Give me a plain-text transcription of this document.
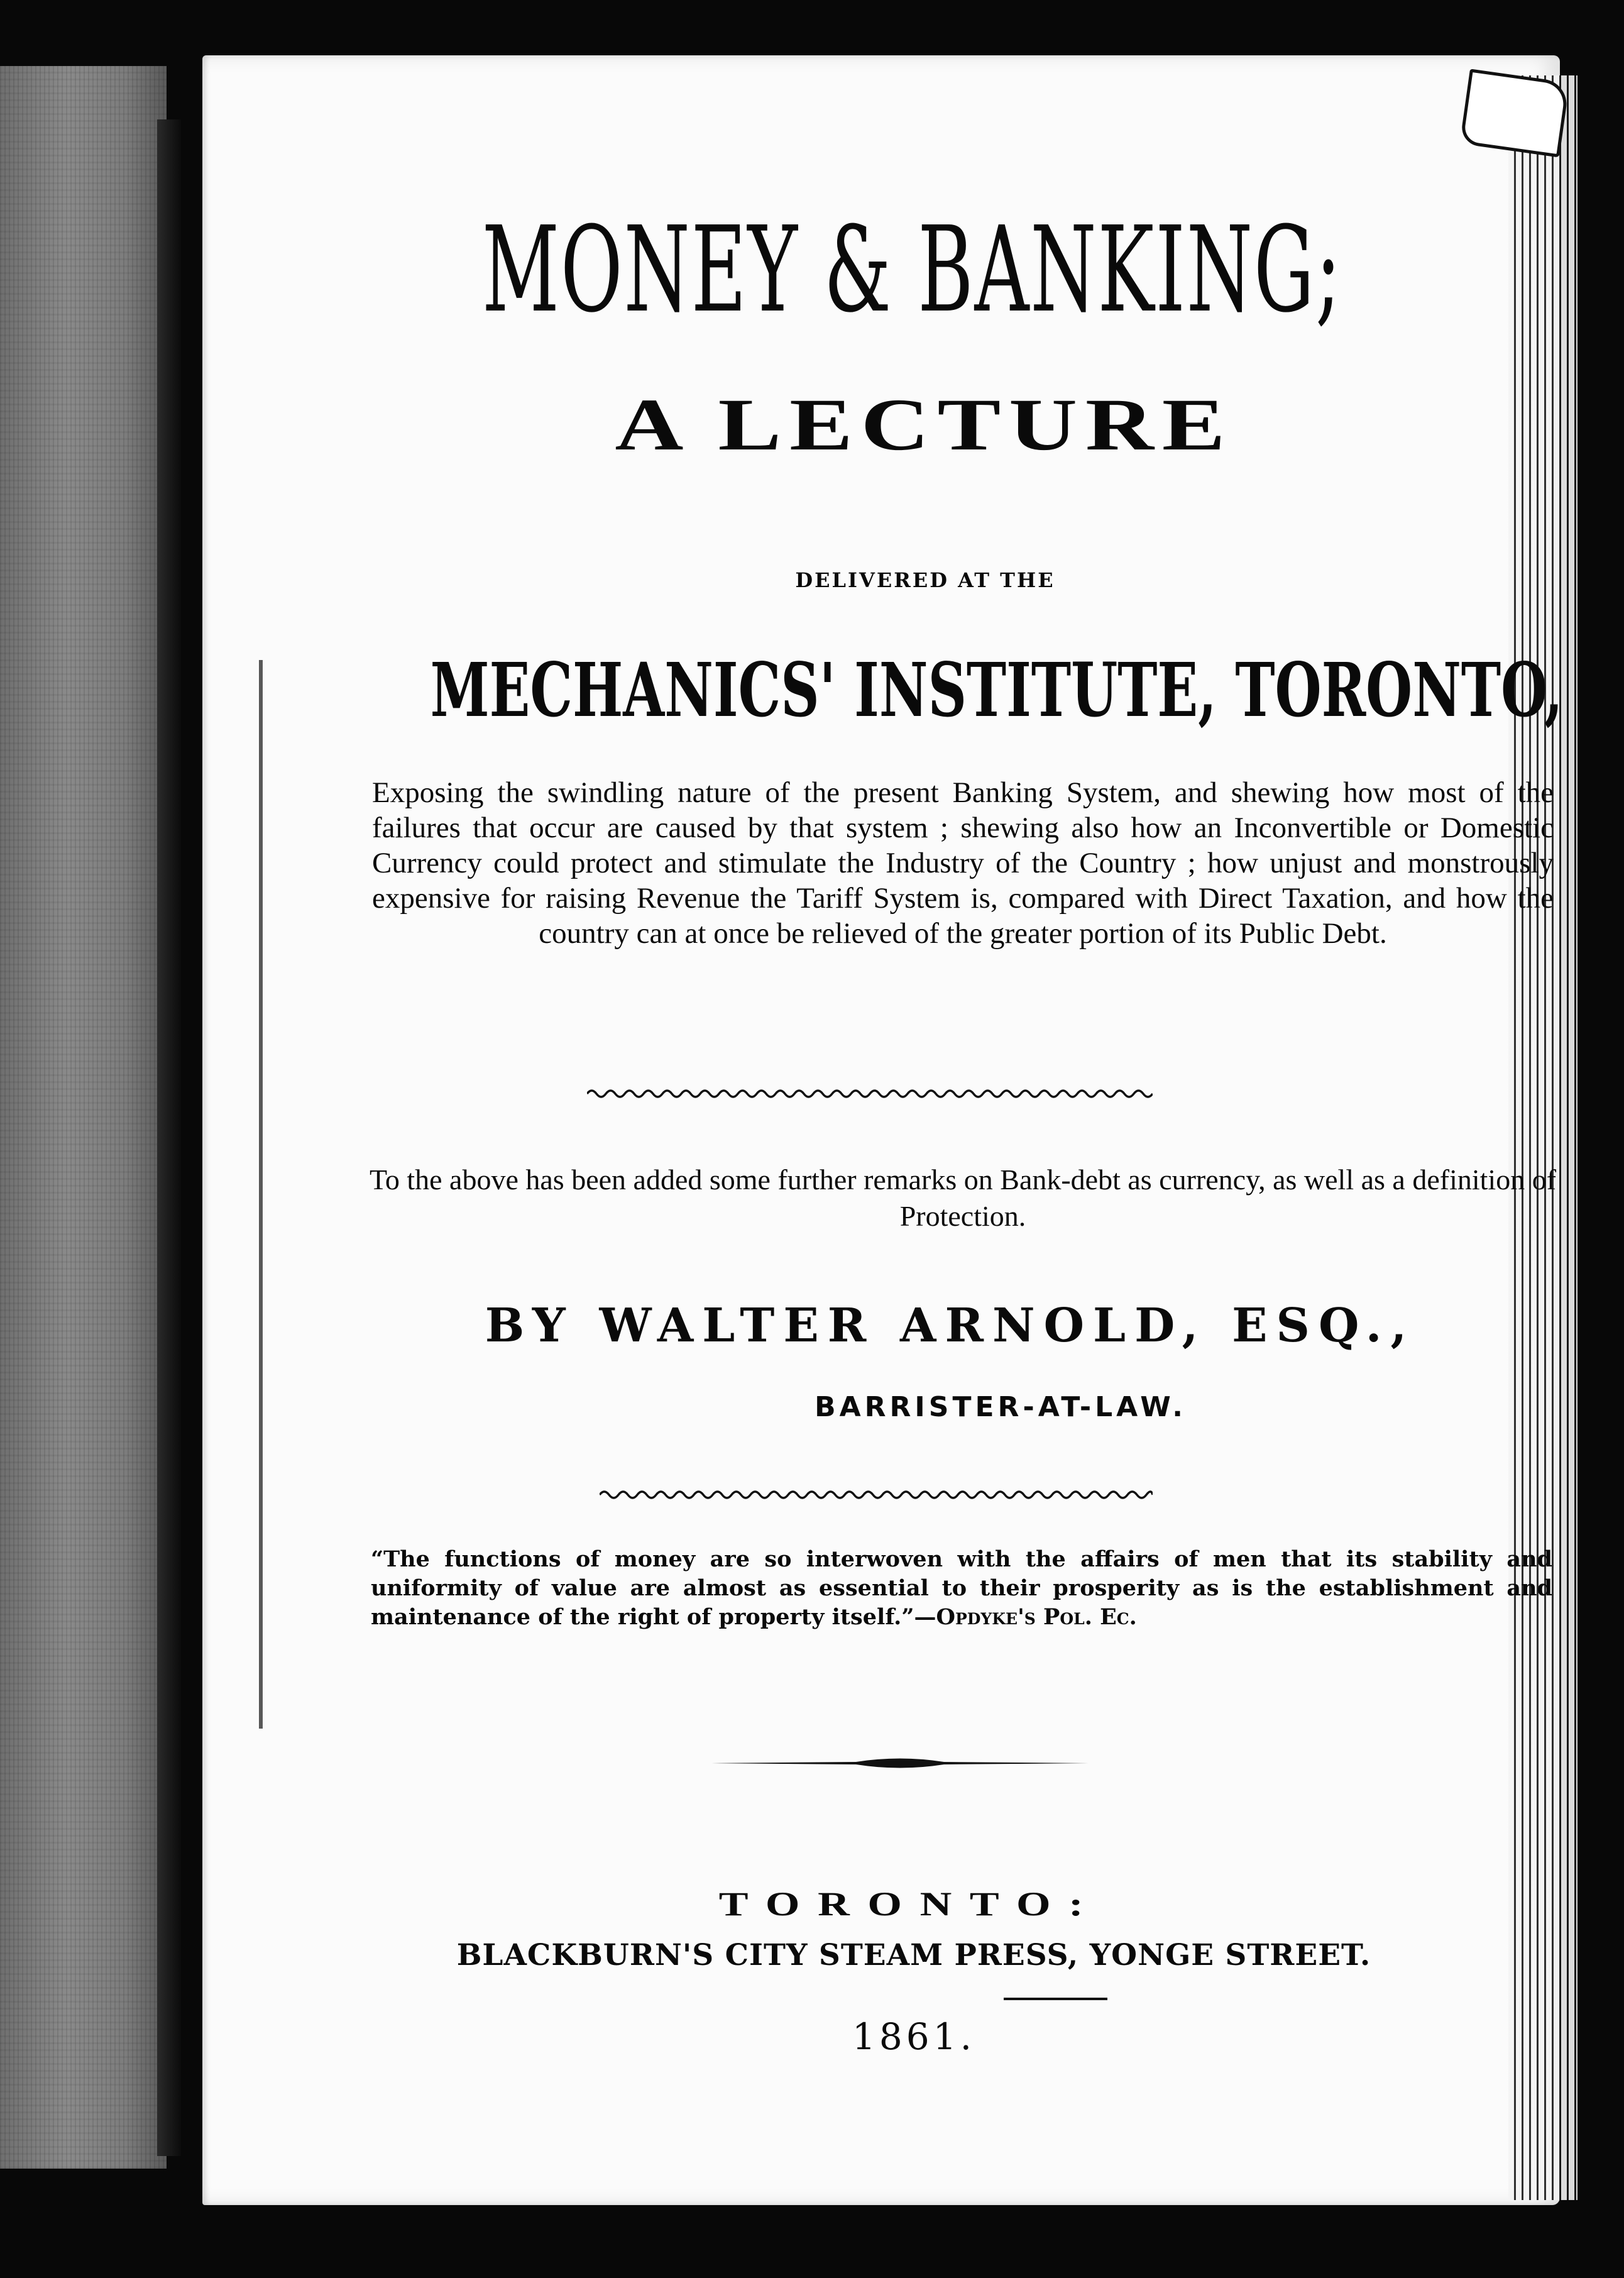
MONEY & BANKING;
A LECTURE
DELIVERED AT THE
MECHANICS' INSTITUTE, TORONTO,
Exposing the swindling nature of the present Banking System, and shewing how most of the failures that occur are caused by that system ; shewing also how an Inconvertible or Domestic Currency could protect and stimulate the Industry of the Country ; how unjust and monstrously expensive for raising Revenue the Tariff System is, compared with Direct Taxation, and how the country can at once be relieved of the greater portion of its Public Debt.
To the above has been added some further remarks on Bank-debt as currency, as well as a definition of Protection.
BY WALTER ARNOLD, ESQ.,
BARRISTER-AT-LAW.
“The functions of money are so interwoven with the affairs of men that its stability and uniformity of value are almost as essential to their prosperity as is the establishment and maintenance of the right of property itself.”—Opdyke's Pol. Ec.
TORONTO:
BLACKBURN'S CITY STEAM PRESS, YONGE STREET.
1861.
